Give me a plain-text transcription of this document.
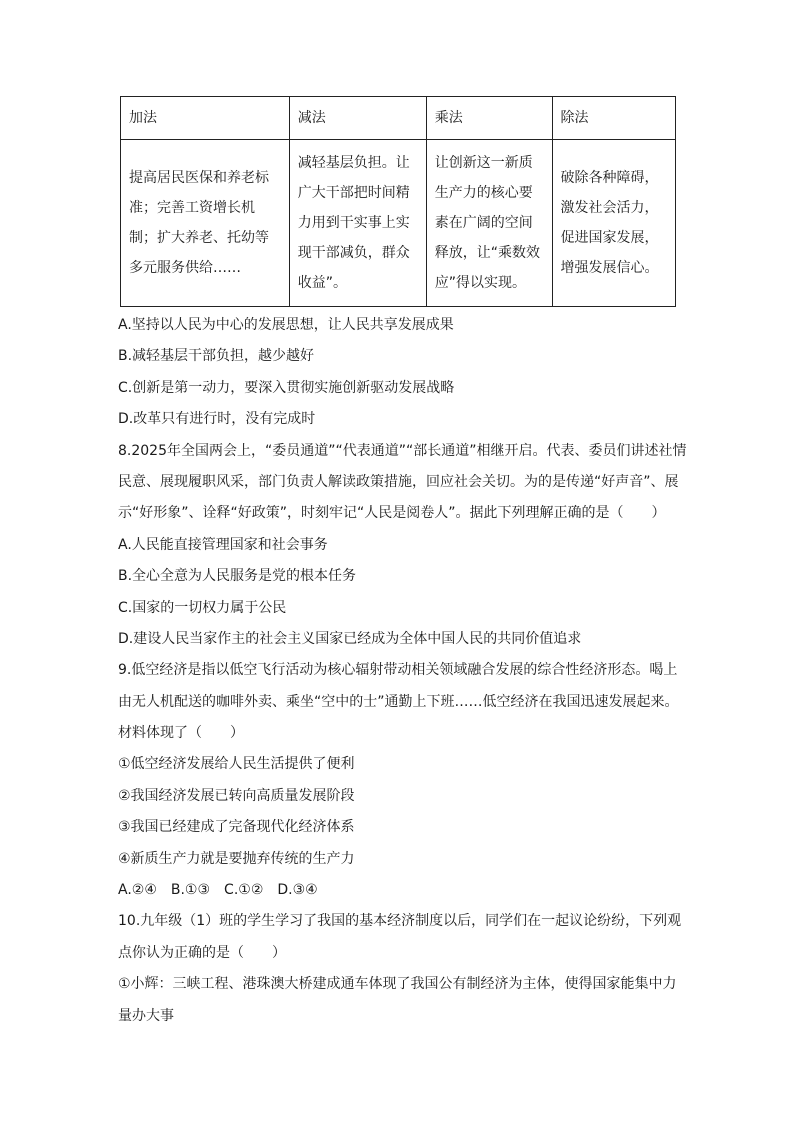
加法	减法	乘法	除法
提高居民医保和养老标准；完善工资增长机制；扩大养老、托幼等多元服务供给……	减轻基层负担。让广大干部把时间精力用到干实事上实现干部减负，群众收益”。	让创新这一新质生产力的核心要素在广阔的空间释放，让“乘数效应”得以实现。	破除各种障碍，激发社会活力，促进国家发展，增强发展信心。
A.坚持以人民为中心的发展思想，让人民共享发展成果
B.减轻基层干部负担，越少越好
C.创新是第一动力，要深入贯彻实施创新驱动发展战略
D.改革只有进行时，没有完成时
8.2025年全国两会上，“委员通道”“代表通道”“部长通道”相继开启。代表、委员们讲述社情
民意、展现履职风采，部门负责人解读政策措施，回应社会关切。为的是传递“好声音”、展
示“好形象”、诠释“好政策”，时刻牢记“人民是阅卷人”。据此下列理解正确的是（　　）
A.人民能直接管理国家和社会事务
B.全心全意为人民服务是党的根本任务
C.国家的一切权力属于公民
D.建设人民当家作主的社会主义国家已经成为全体中国人民的共同价值追求
9.低空经济是指以低空飞行活动为核心辐射带动相关领域融合发展的综合性经济形态。喝上
由无人机配送的咖啡外卖、乘坐“空中的士”通勤上下班……低空经济在我国迅速发展起来。
材料体现了（　　）
①低空经济发展给人民生活提供了便利
②我国经济发展已转向高质量发展阶段
③我国已经建成了完备现代化经济体系
④新质生产力就是要抛弃传统的生产力
A.②④　B.①③　C.①②　D.③④
10.九年级（1）班的学生学习了我国的基本经济制度以后，同学们在一起议论纷纷，下列观
点你认为正确的是（　　）
①小辉：三峡工程、港珠澳大桥建成通车体现了我国公有制经济为主体，使得国家能集中力
量办大事
